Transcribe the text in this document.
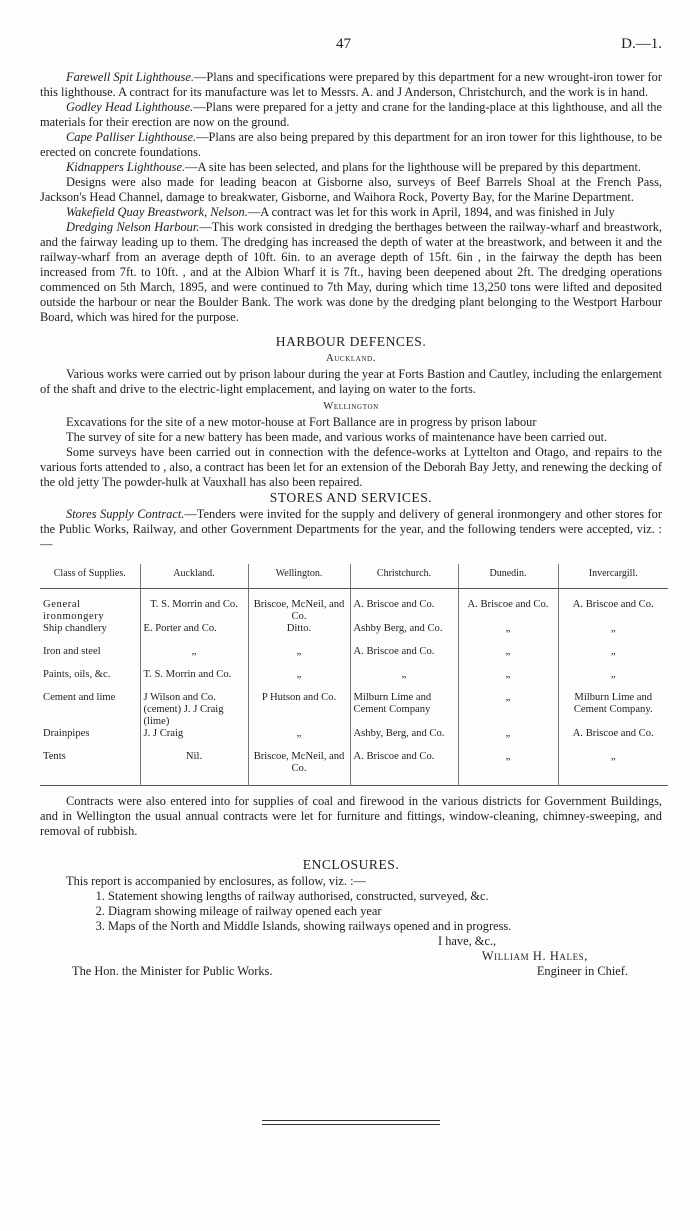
47	D.—1.

Farewell Spit Lighthouse.—Plans and specifications were prepared by this department for a new wrought-iron tower for this lighthouse. A contract for its manufacture was let to Messrs. A. and J Anderson, Christchurch, and the work is in hand.

Godley Head Lighthouse.—Plans were prepared for a jetty and crane for the landing-place at this lighthouse, and all the materials for their erection are now on the ground.

Cape Palliser Lighthouse.—Plans are also being prepared by this department for an iron tower for this lighthouse, to be erected on concrete foundations.

Kidnappers Lighthouse.—A site has been selected, and plans for the lighthouse will be prepared by this department.

Designs were also made for leading beacon at Gisborne also, surveys of Beef Barrels Shoal at the French Pass, Jackson's Head Channel, damage to breakwater, Gisborne, and Waihora Rock, Poverty Bay, for the Marine Department.

Wakefield Quay Breastwork, Nelson.—A contract was let for this work in April, 1894, and was finished in July

Dredging Nelson Harbour.—This work consisted in dredging the berthages between the railway-wharf and breastwork, and the fairway leading up to them. The dredging has increased the depth of water at the breastwork, and between it and the railway-wharf from an average depth of 10ft. 6in. to an average depth of 15ft. 6in , in the fairway the depth has been increased from 7ft. to 10ft. , and at the Albion Wharf it is 7ft., having been deepened about 2ft. The dredging operations commenced on 5th March, 1895, and were continued to 7th May, during which time 13,250 tons were lifted and deposited outside the harbour or near the Boulder Bank. The work was done by the dredging plant belonging to the Westport Harbour Board, which was hired for the purpose.

HARBOUR DEFENCES.
Auckland.

Various works were carried out by prison labour during the year at Forts Bastion and Cautley, including the enlargement of the shaft and drive to the electric-light emplacement, and laying on water to the forts.

Wellington

Excavations for the site of a new motor-house at Fort Ballance are in progress by prison labour

The survey of site for a new battery has been made, and various works of maintenance have been carried out.

Some surveys have been carried out in connection with the defence-works at Lyttelton and Otago, and repairs to the various forts attended to , also, a contract has been let for an extension of the Deborah Bay Jetty, and renewing the decking of the old jetty The powder-hulk at Vauxhall has also been repaired.

STORES AND SERVICES.

Stores Supply Contract.—Tenders were invited for the supply and delivery of general ironmongery and other stores for the Public Works, Railway, and other Government Departments for the year, and the following tenders were accepted, viz. :—

Class of Supplies.	Auckland.	Wellington.	Christchurch.	Dunedin.	Invercargill.
General ironmongery	T. S. Morrin and Co.	Briscoe, McNeil, and Co.	A. Briscoe and Co.	A. Briscoe and Co.	A. Briscoe and Co.
Ship chandlery	E. Porter and Co.	Ditto.	Ashby Berg, and Co.	„	„
Iron and steel	„	„	A. Briscoe and Co.	„	„
Paints, oils, &c.	T. S. Morrin and Co.	„	„	„	„
Cement and lime	J Wilson and Co. (cement) J. J Craig (lime)	P Hutson and Co.	Milburn Lime and Cement Company	„	Milburn Lime and Cement Company.
Drainpipes	J. J Craig	„	Ashby, Berg, and Co.	„	A. Briscoe and Co.
Tents	Nil.	Briscoe, McNeil, and Co.	A. Briscoe and Co.	„	„

Contracts were also entered into for supplies of coal and firewood in the various districts for Government Buildings, and in Wellington the usual annual contracts were let for furniture and fittings, window-cleaning, chimney-sweeping, and removal of rubbish.

ENCLOSURES.

This report is accompanied by enclosures, as follow, viz. :—

1. Statement showing lengths of railway authorised, constructed, surveyed, &c.
2. Diagram showing mileage of railway opened each year
3. Maps of the North and Middle Islands, showing railways opened and in progress.
I have, &c.,
William H. Hales,
The Hon. the Minister for Public Works.	Engineer in Chief.
